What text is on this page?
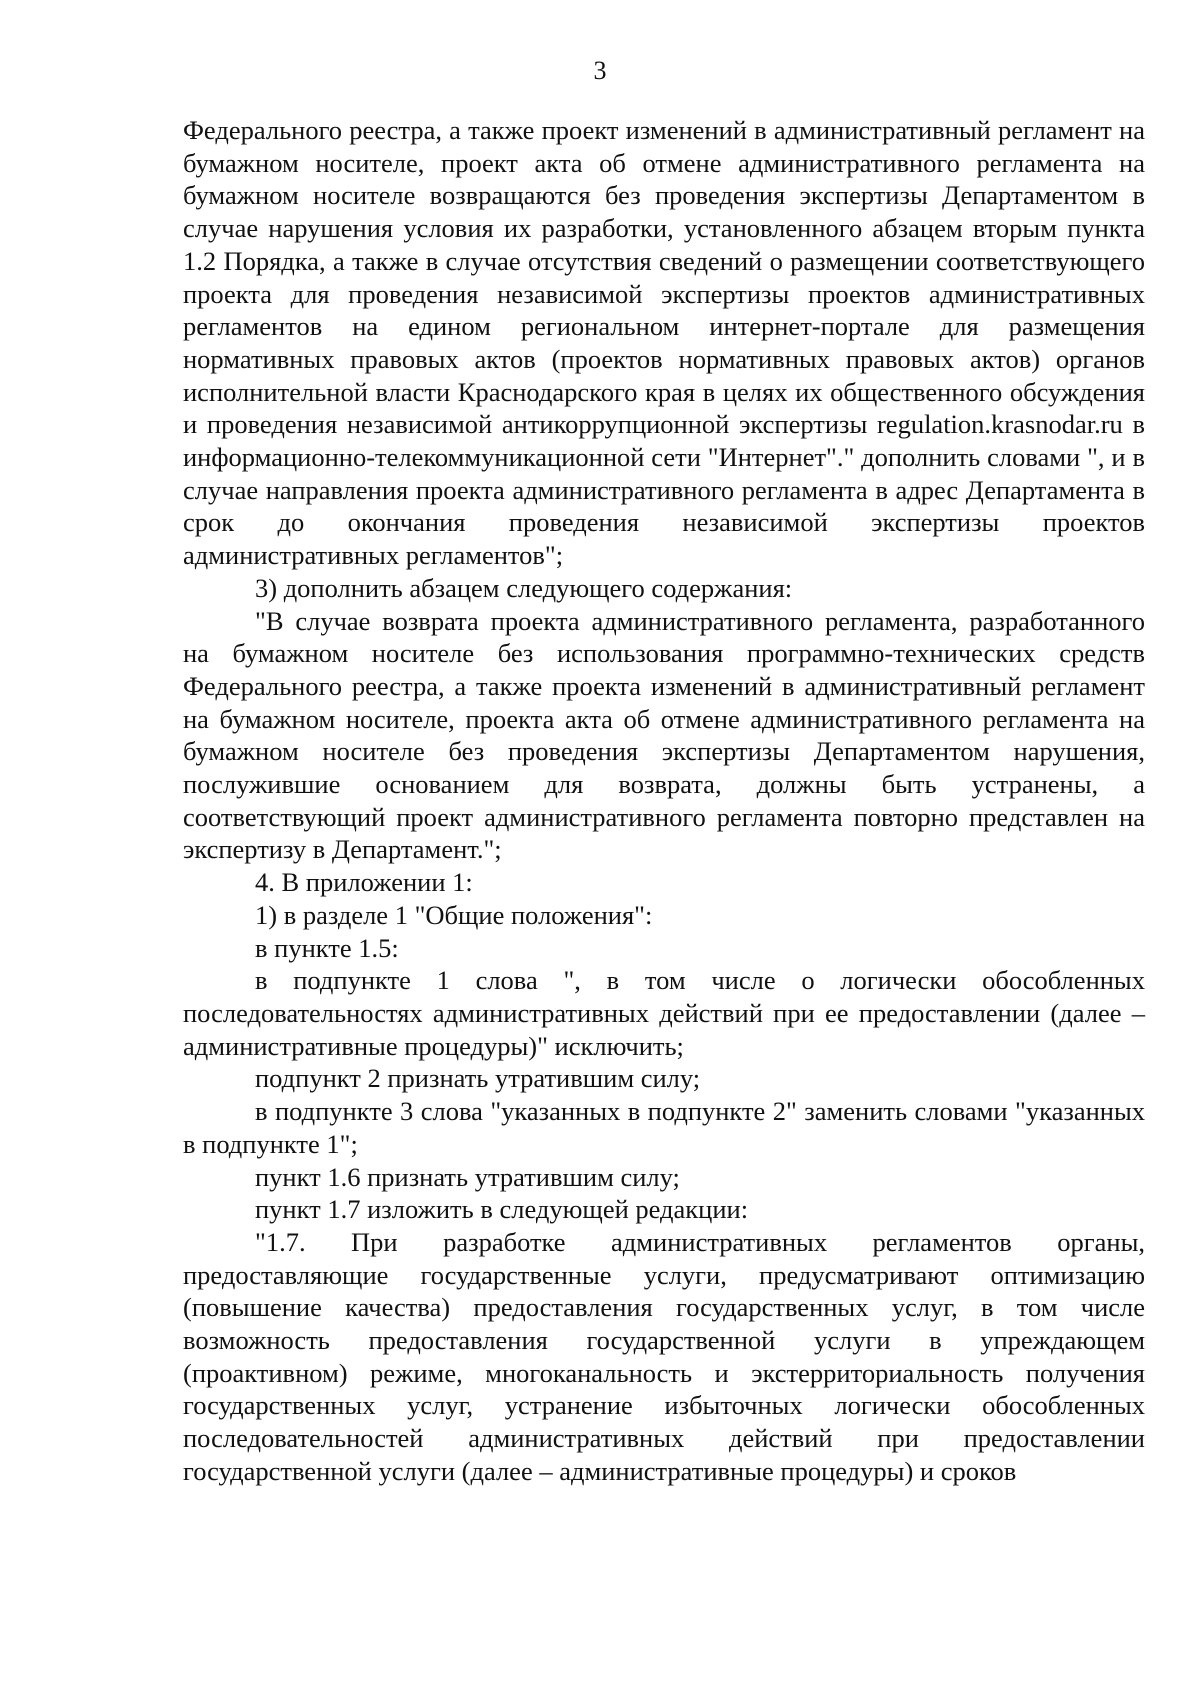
3

Федерального реестра, а также проект изменений в административный регламент на бумажном носителе, проект акта об отмене административного регламента на бумажном носителе возвращаются без проведения экспертизы Департаментом в случае нарушения условия их разработки, установленного абзацем вторым пункта 1.2 Порядка, а также в случае отсутствия сведений о размещении соответствующего проекта для проведения независимой экспертизы проектов административных регламентов на едином региональном интернет-портале для размещения нормативных правовых актов (проектов нормативных правовых актов) органов исполнительной власти Краснодарского края в целях их общественного обсуждения и проведения независимой антикоррупционной экспертизы regulation.krasnodar.ru в информационно-телекоммуникационной сети "Интернет"." дополнить словами ", и в случае направления проекта административного регламента в адрес Департамента в срок до окончания проведения независимой экспертизы проектов административных регламентов";

3) дополнить абзацем следующего содержания:

"В случае возврата проекта административного регламента, разработанного на бумажном носителе без использования программно-технических средств Федерального реестра, а также проекта изменений в административный регламент на бумажном носителе, проекта акта об отмене административного регламента на бумажном носителе без проведения экспертизы Департаментом нарушения, послужившие основанием для возврата, должны быть устранены, а соответствующий проект административного регламента повторно представлен на экспертизу в Департамент.";

4. В приложении 1:

1) в разделе 1 "Общие положения":

в пункте 1.5:

в подпункте 1 слова ", в том числе о логически обособленных последовательностях административных действий при ее предоставлении (далее – административные процедуры)" исключить;

подпункт 2 признать утратившим силу;

в подпункте 3 слова "указанных в подпункте 2" заменить словами "указанных в подпункте 1";

пункт 1.6 признать утратившим силу;

пункт 1.7 изложить в следующей редакции:

"1.7. При разработке административных регламентов органы, предоставляющие государственные услуги, предусматривают оптимизацию (повышение качества) предоставления государственных услуг, в том числе возможность предоставления государственной услуги в упреждающем (проактивном) режиме, многоканальность и экстерриториальность получения государственных услуг, устранение избыточных логически обособленных последовательностей административных действий при предоставлении государственной услуги (далее – административные процедуры) и сроков
